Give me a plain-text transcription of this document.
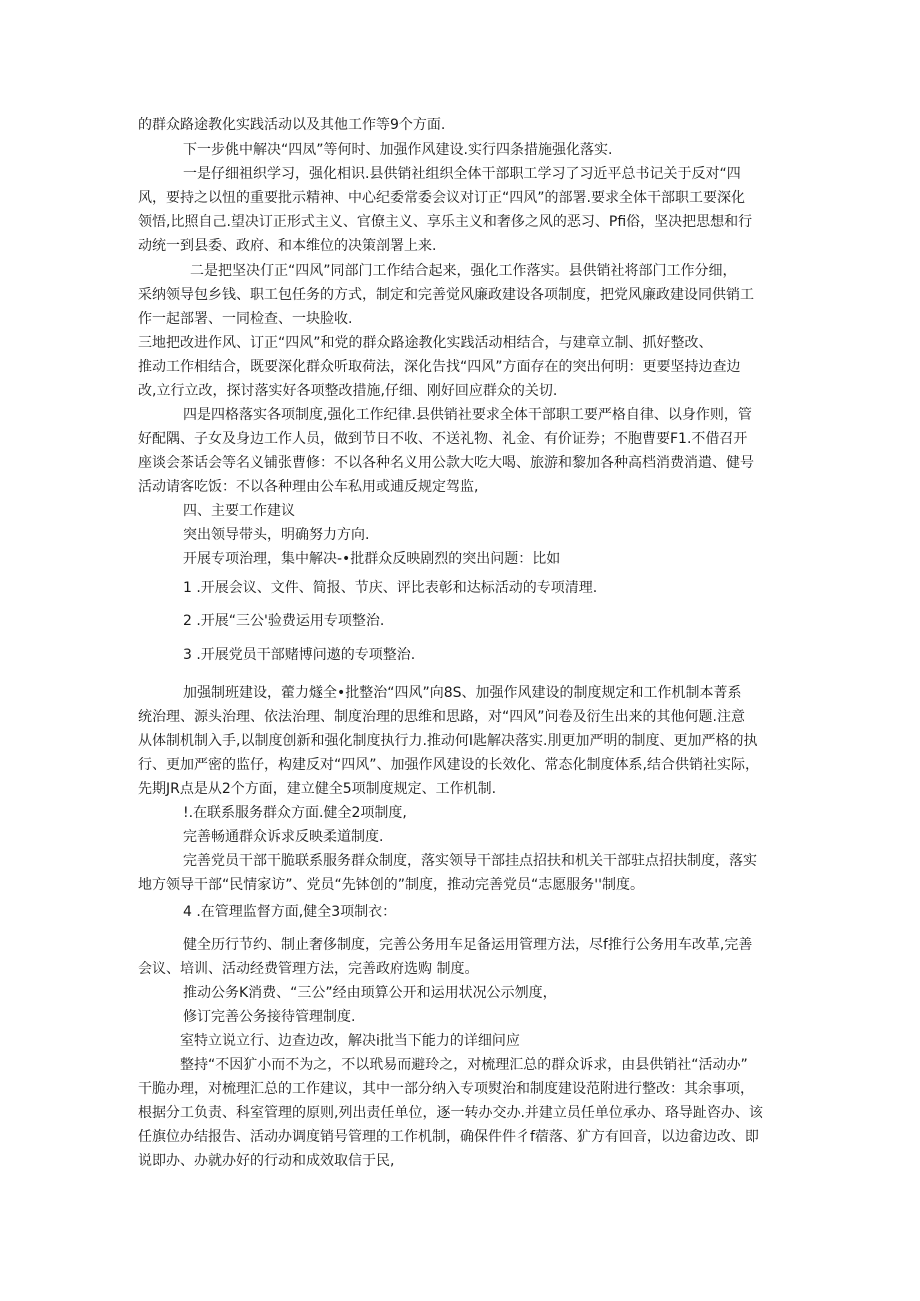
的群众路途教化实践活动以及其他工作等9个方面.
下一步佻中解决“四凤”等何时、加强作风建设.实行四条措施强化落实.
一是仔细祖织学习，强化相识.县供销社组织全体干部职工学习了习近平总书记关于反对“四
风，要持之以忸的重要批示精神、中心纪委常委会议对订正“四风”的部署.要求全体干部职工要深化
领悟,比照自己.望决订正形式主义、官僚主义、享乐主义和奢侈之风的恶习、Pfi俗，坚决把思想和行
动统一到县委、政府、和本维位的决策剖署上来.
二是把坚决仃正“四风”同部门工作结合起来，强化工作落实。县供销社将部门工作分细，
采纳领导包乡钱、职工包任务的方式，制定和完善觉风廉政建设各项制度，把党风廉政建设同供销工
作一起部署、一同检查、一块脸收.
三地把改进作风、订正“四风”和党的群众路途教化实践活动相结合，与建章立制、抓好整改、
推动工作相结合，既要深化群众听取荷法，深化告找“四风”方面存在的突出何明：更要坚持边查边
改,立行立改，探讨落实好各项整改措施,仔细、刚好回应群众的关切.
四是四格落实各项制度,强化工作纪律.县供销社要求全体干部职工要严格自律、以身作则，管
好配隅、子女及身边工作人员，做到节日不收、不送礼物、礼金、有价证券；不胞曹要F1.不借召开
座谈会茶话会等名义铺张曹修：不以各种名义用公款大吃大喝、旅游和黎加各种高档消费消遣、健号
活动请客吃饭：不以各种理由公车私用或逋反规定驾监,
四、主要工作建议
突出领导带头，明确努力方向.
开展专项治理，集中解决-•批群众反映剧烈的突出问题：比如
1 .开展会议、文件、简报、节庆、评比表彰和达标活动的专项清理.
2 .开展“三公'验费运用专项整治.
3 .开展党员干部赌博问遨的专项整治.
加强制班建设，藿力燧全•批整治“四风”向8S、加强作风建设的制度规定和工作机制本菁系
统治理、源头治理、依法治理、制度治理的思维和思路，对“四风”问卷及衍生出来的其他何题.注意
从体制机制入手,以制度创新和强化制度执行力.推动何I匙解决落实.刖更加严明的制度、更加严格的执
行、更加严密的监仔，构建反对“四风”、加强作风建设的长效化、常态化制度体系,结合供销社实际，
先期JR点是从2个方面，建立健全5项制度规定、工作机制.
!.在联系服务群众方面.健全2项制度,
完善畅通群众诉求反映柔道制度.
完善党员干部干脆联系服务群众制度，落实领导干部挂点招扶和机关干部驻点招扶制度，落实
地方领导干部“民情家访”、党员“先钵创的”制度，推动完善党员“志愿服务''制度。
4 .在管理监督方面,健全3项制衣：
健全历行节约、制止奢侈制度，完善公务用车足备运用管理方法，尽f推行公务用车改革,完善
会议、培训、活动经费管理方法，完善政府选购 制度。
推动公务K消费、“三公”经由顼算公开和运用状况公示刎度，
修订完善公务接待管理制度.
室特立说立行、边查边改，解决i批当下能力的详细问应
整持“不因犷小而不为之，不以玳易而避玲之，对梳理汇总的群众诉求，由县供销社“活动办”
干脆办理，对梳理汇总的工作建议，其中一部分纳入专项熨治和制度建设范附进行整改：其余事项，
根据分工负责、科室管理的原则,列出责任单位，逐一转办交办.并建立员任单位承办、珞导趾咨办、该
任旗位办结报告、活动办调度销号管理的工作机制，确保件件彳f蓿落、犷方有回音，以边畲边改、即
说即办、办就办好的行动和成效取信于民,
